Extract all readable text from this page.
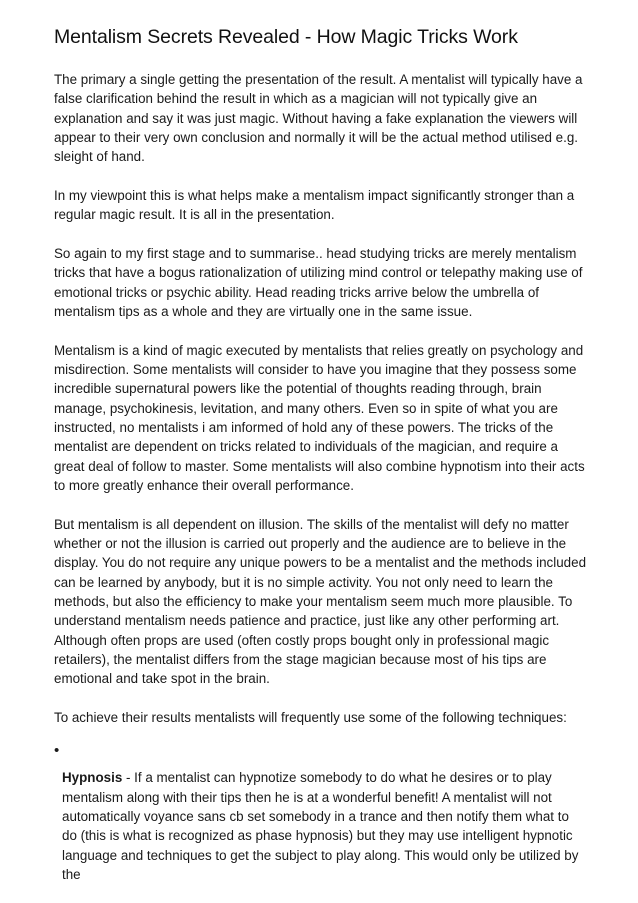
Mentalism Secrets Revealed - How Magic Tricks Work

The primary a single getting the presentation of the result. A mentalist will typically have a false clarification behind the result in which as a magician will not typically give an explanation and say it was just magic. Without having a fake explanation the viewers will appear to their very own conclusion and normally it will be the actual method utilised e.g. sleight of hand.

In my viewpoint this is what helps make a mentalism impact significantly stronger than a regular magic result. It is all in the presentation.

So again to my first stage and to summarise.. head studying tricks are merely mentalism tricks that have a bogus rationalization of utilizing mind control or telepathy making use of emotional tricks or psychic ability. Head reading tricks arrive below the umbrella of mentalism tips as a whole and they are virtually one in the same issue.

Mentalism is a kind of magic executed by mentalists that relies greatly on psychology and misdirection. Some mentalists will consider to have you imagine that they possess some incredible supernatural powers like the potential of thoughts reading through, brain manage, psychokinesis, levitation, and many others. Even so in spite of what you are instructed, no mentalists i am informed of hold any of these powers. The tricks of the mentalist are dependent on tricks related to individuals of the magician, and require a great deal of follow to master. Some mentalists will also combine hypnotism into their acts to more greatly enhance their overall performance.

But mentalism is all dependent on illusion. The skills of the mentalist will defy no matter whether or not the illusion is carried out properly and the audience are to believe in the display. You do not require any unique powers to be a mentalist and the methods included can be learned by anybody, but it is no simple activity. You not only need to learn the methods, but also the efficiency to make your mentalism seem much more plausible. To understand mentalism needs patience and practice, just like any other performing art. Although often props are used (often costly props bought only in professional magic retailers), the mentalist differs from the stage magician because most of his tips are emotional and take spot in the brain.

To achieve their results mentalists will frequently use some of the following techniques:

•
Hypnosis - If a mentalist can hypnotize somebody to do what he desires or to play mentalism along with their tips then he is at a wonderful benefit! A mentalist will not automatically voyance sans cb set somebody in a trance and then notify them what to do (this is what is recognized as phase hypnosis) but they may use intelligent hypnotic language and techniques to get the subject to play along. This would only be utilized by the
